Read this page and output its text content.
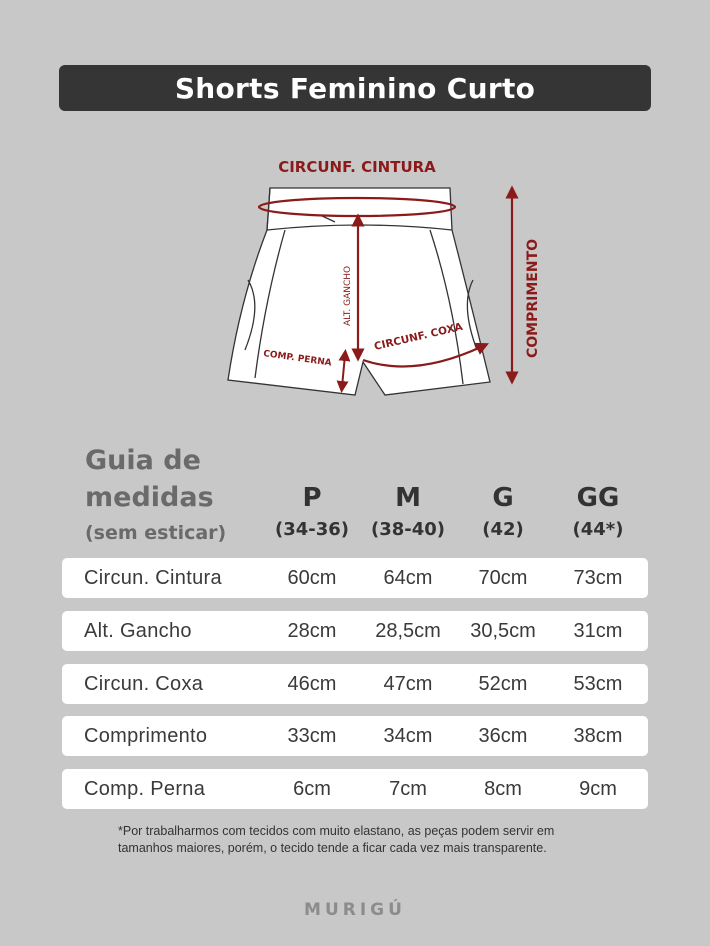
Shorts Feminino Curto
CIRCUNF. CINTURA
ALT. GANCHO
CIRCUNF. COXA	COMPRIMENTO
COMP. PERNA
Guia de
medidas
(sem esticar)
P
(34-36)
M
(38-40)
G
(42)
GG
(44*)
Circun. Cintura	60cm	64cm	70cm	73cm
Alt. Gancho	28cm	28,5cm	30,5cm	31cm
Circun. Coxa	46cm	47cm	52cm	53cm
Comprimento	33cm	34cm	36cm	38cm
Comp. Perna	6cm	7cm	8cm	9cm
*Por trabalharmos com tecidos com muito elastano, as peças podem servir em
tamanhos maiores, porém, o tecido tende a ficar cada vez mais transparente.
MURIGÚ
